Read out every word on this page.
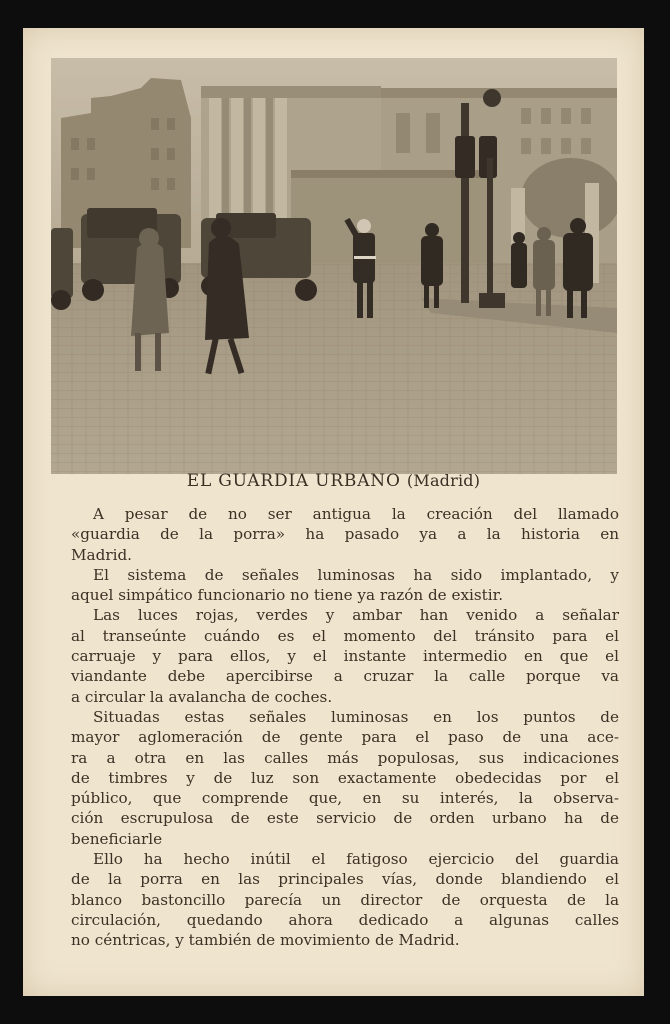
EL GUARDIA URBANO (Madrid)

A pesar de no ser antigua la creación del llamado
«guardia de la porra» ha pasado ya a la historia en
Madrid.

El sistema de señales luminosas ha sido implantado, y
aquel simpático funcionario no tiene ya razón de existir.

Las luces rojas, verdes y ambar han venido a señalar
al transeúnte cuándo es el momento del tránsito para el
carruaje y para ellos, y el instante intermedio en que el
viandante debe apercibirse a cruzar la calle porque va
a circular la avalancha de coches.

Situadas estas señales luminosas en los puntos de
mayor aglomeración de gente para el paso de una ace-
ra a otra en las calles más populosas, sus indicaciones
de timbres y de luz son exactamente obedecidas por el
público, que comprende que, en su interés, la observa-
ción escrupulosa de este servicio de orden urbano ha de
beneficiarle

Ello ha hecho inútil el fatigoso ejercicio del guardia
de la porra en las principales vías, donde blandiendo el
blanco bastoncillo parecía un director de orquesta de la
circulación, quedando ahora dedicado a algunas calles
no céntricas, y también de movimiento de Madrid.
